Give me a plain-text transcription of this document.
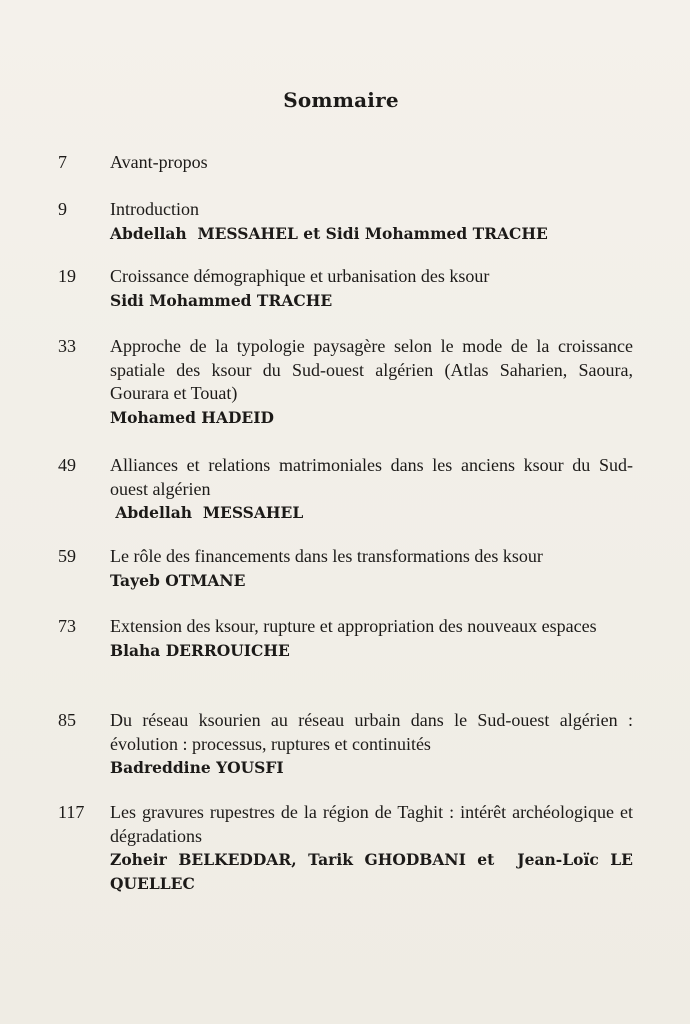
Sommaire
7	Avant-propos
9	Introduction
Abdellah  MESSAHEL et Sidi Mohammed TRACHE
19	Croissance démographique et urbanisation des ksour
Sidi Mohammed TRACHE
33	Approche de la typologie paysagère selon le mode de la croissance spatiale des ksour du Sud-ouest algérien (Atlas Saharien, Saoura, Gourara et Touat)
Mohamed HADEID
49	Alliances et relations matrimoniales dans les anciens ksour du Sud-ouest algérien
Abdellah  MESSAHEL
59	Le rôle des financements dans les transformations des ksour
Tayeb OTMANE
73	Extension des ksour, rupture et appropriation des nouveaux espaces
Blaha DERROUICHE
85	Du réseau ksourien au réseau urbain dans le Sud-ouest algérien : évolution : processus, ruptures et continuités
Badreddine YOUSFI
117	Les gravures rupestres de la région de Taghit : intérêt archéologique et dégradations
Zoheir BELKEDDAR, Tarik GHODBANI et  Jean-Loïc LE QUELLEC
